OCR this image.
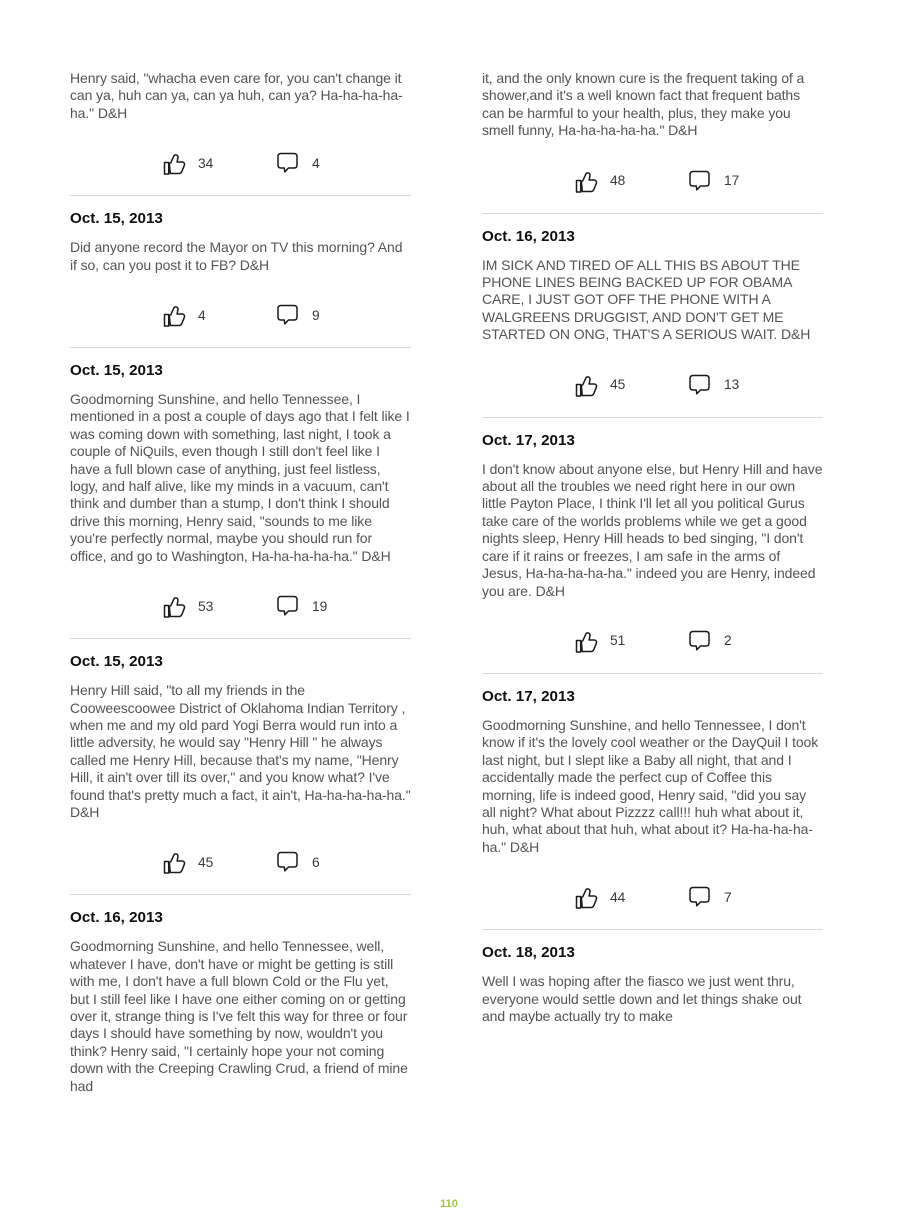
Henry said, "whacha even care for, you can't change it can ya, huh can ya, can ya huh, can ya? Ha-ha-ha-ha-ha." D&H

34	4
Oct. 15, 2013

Did anyone record the Mayor on TV this morning? And if so, can you post it to FB? D&H

4	9
Oct. 15, 2013

Goodmorning Sunshine, and hello Tennessee, I mentioned in a post a couple of days ago that I felt like I was coming down with something, last night, I took a couple of NiQuils, even though I still don't feel like I have a full blown case of anything, just feel listless, logy, and half alive, like my minds in a vacuum, can't think and dumber than a stump, I don't think I should drive this morning, Henry said, "sounds to me like you're perfectly normal, maybe you should run for office, and go to Washington, Ha-ha-ha-ha-ha." D&H

53	19
Oct. 15, 2013

Henry Hill said, "to all my friends in the Cooweescoowee District of Oklahoma Indian Territory , when me and my old pard Yogi Berra would run into a little adversity, he would say "Henry Hill " he always called me Henry Hill, because that's my name, "Henry Hill, it ain't over till its over," and you know what? I've found that's pretty much a fact, it ain't, Ha-ha-ha-ha-ha." D&H

45	6
Oct. 16, 2013

Goodmorning Sunshine, and hello Tennessee, well, whatever I have, don't have or might be getting is still with me, I don't have a full blown Cold or the Flu yet, but I still feel like I have one either coming on or getting over it, strange thing is I've felt this way for three or four days I should have something by now, wouldn't you think? Henry said, "I certainly hope your not coming down with the Creeping Crawling Crud, a friend of mine had

it, and the only known cure is the frequent taking of a shower,and it's a well known fact that frequent baths can be harmful to your health, plus, they make you smell funny, Ha-ha-ha-ha-ha." D&H

48	17
Oct. 16, 2013

IM SICK AND TIRED OF ALL THIS BS ABOUT THE PHONE LINES BEING BACKED UP FOR OBAMA CARE, I JUST GOT OFF THE PHONE WITH A WALGREENS DRUGGIST, AND DON'T GET ME STARTED ON ONG, THAT'S A SERIOUS WAIT. D&H

45	13
Oct. 17, 2013

I don't know about anyone else, but Henry Hill and have about all the troubles we need right here in our own little Payton Place, I think I'll let all you political Gurus take care of the worlds problems while we get a good nights sleep, Henry Hill heads to bed singing, "I don't care if it rains or freezes, I am safe in the arms of Jesus, Ha-ha-ha-ha-ha." indeed you are Henry, indeed you are. D&H

51	2
Oct. 17, 2013

Goodmorning Sunshine, and hello Tennessee, I don't know if it's the lovely cool weather or the DayQuil I took last night, but I slept like a Baby all night, that and I accidentally made the perfect cup of Coffee this morning, life is indeed good, Henry said, "did you say all night? What about Pizzzz call!!! huh what about it, huh, what about that huh, what about it? Ha-ha-ha-ha-ha." D&H

44	7
Oct. 18, 2013

Well I was hoping after the fiasco we just went thru, everyone would settle down and let things shake out and maybe actually try to make

110
